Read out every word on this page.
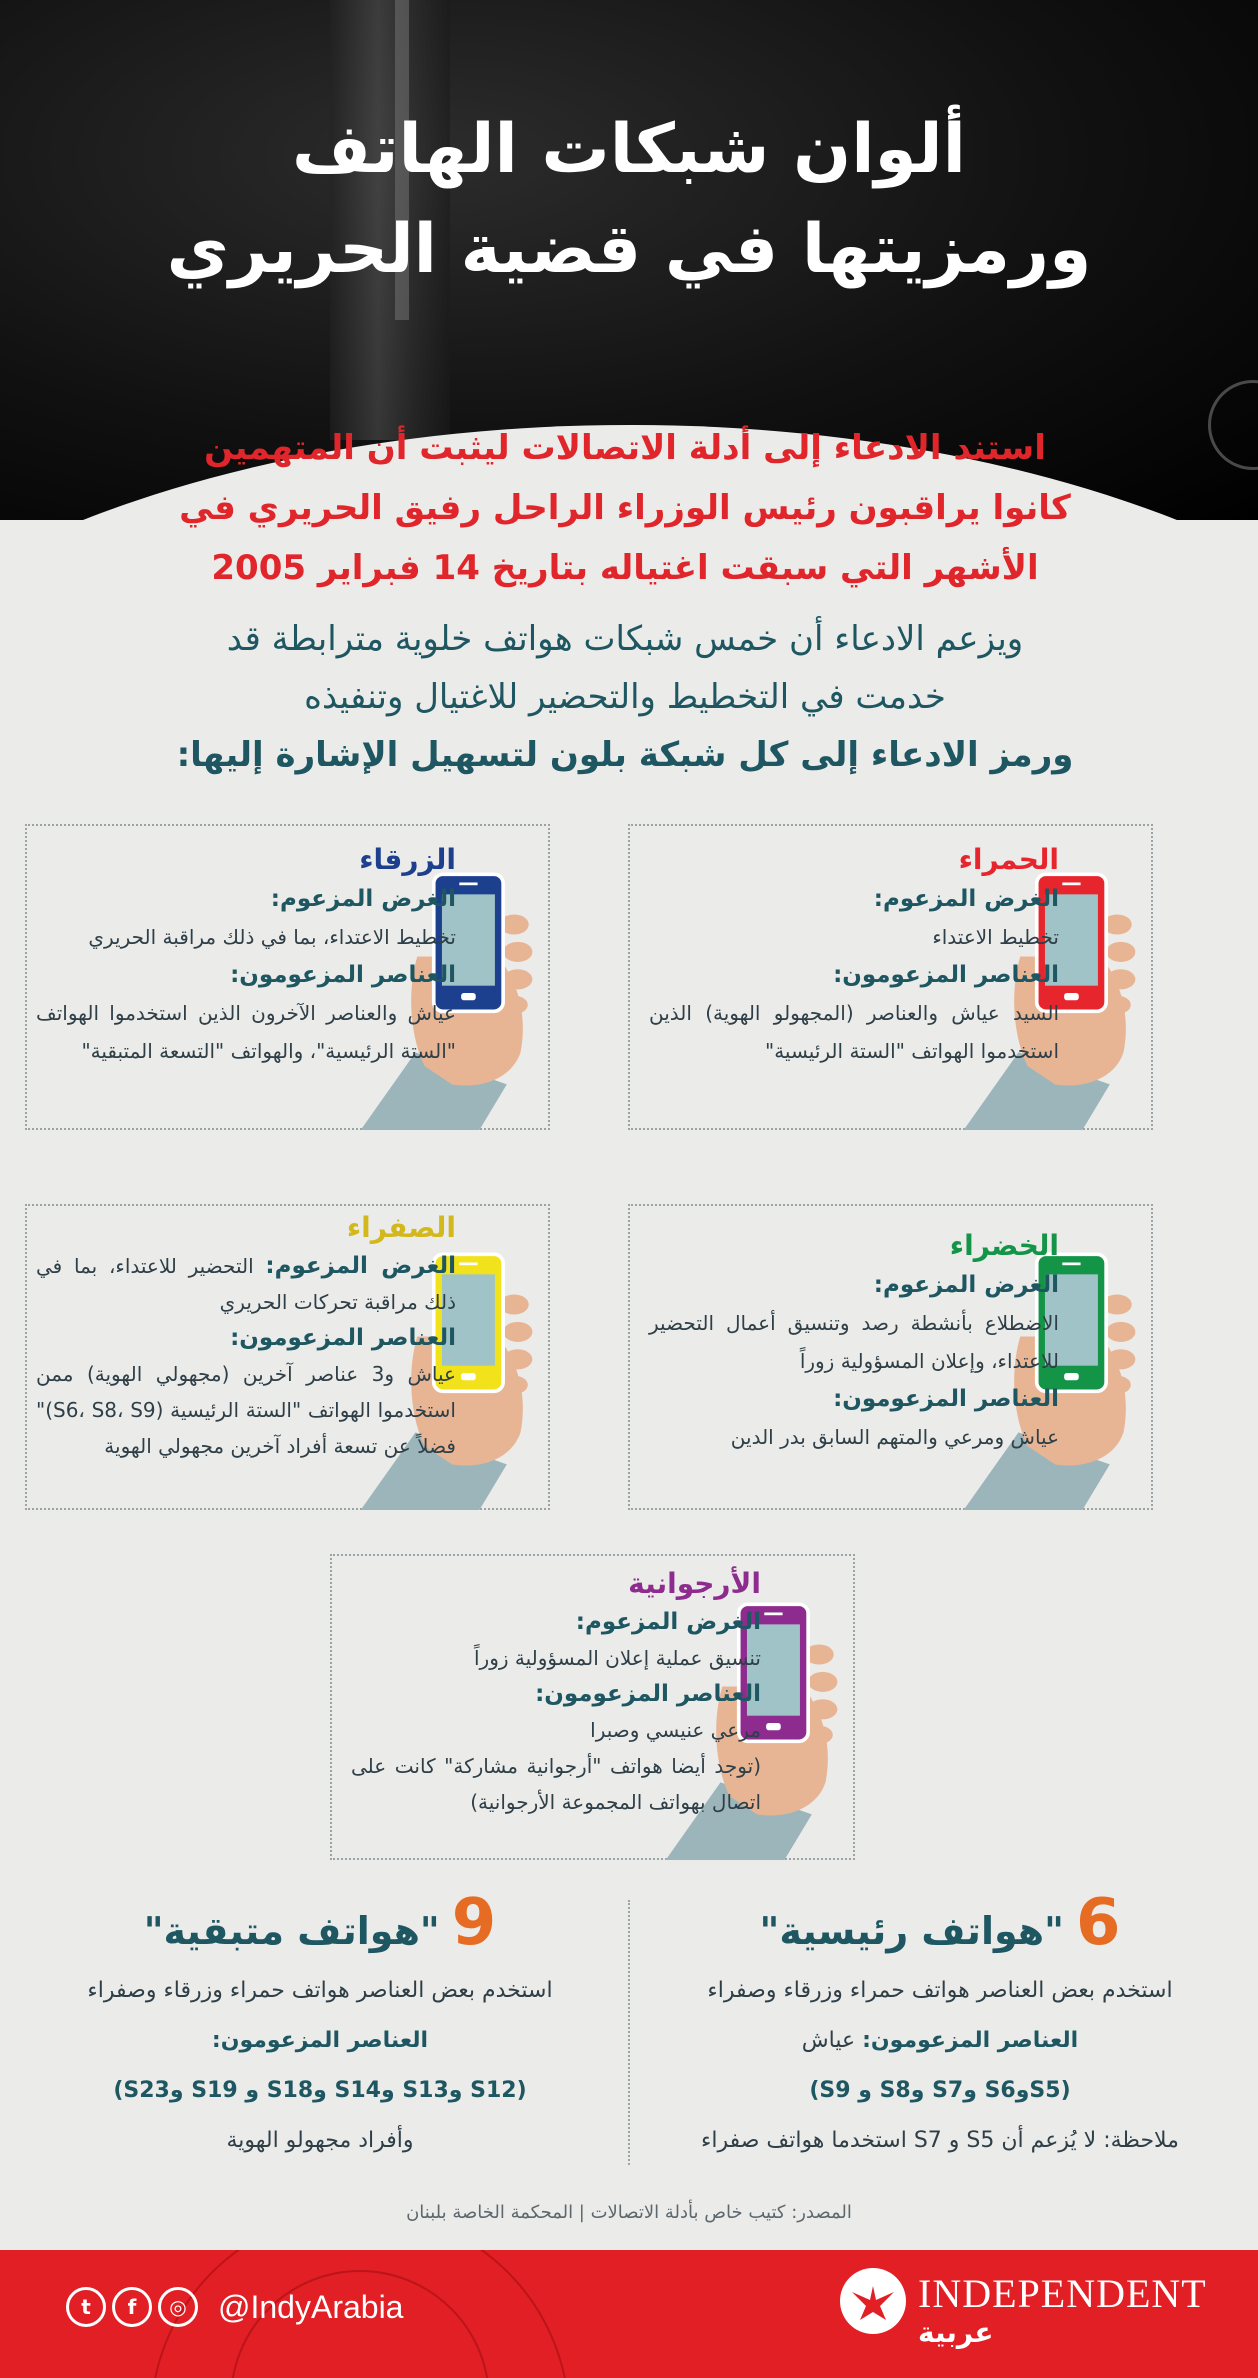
ألوان شبكات الهاتف
ورمزيتها في قضية الحريري
استند الادعاء إلى أدلة الاتصالات ليثبت أن المتهمين
كانوا يراقبون رئيس الوزراء الراحل رفيق الحريري في
الأشهر التي سبقت اغتياله بتاريخ 14 فبراير 2005
ويزعم الادعاء أن خمس شبكات هواتف خلوية مترابطة قد
خدمت في التخطيط والتحضير للاغتيال وتنفيذه
ورمز الادعاء إلى كل شبكة بلون لتسهيل الإشارة إليها:
الحمراء
الغرض المزعوم:
تخطيط الاعتداء
العناصر المزعومون:
السيد عياش والعناصر (المجهولو الهوية) الذين استخدموا الهواتف "الستة الرئيسية"
الزرقاء
الغرض المزعوم:
تخطيط الاعتداء، بما في ذلك مراقبة الحريري
العناصر المزعومون:
عياش والعناصر الآخرون الذين استخدموا الهواتف "الستة الرئيسية"، والهواتف "التسعة المتبقية"
الخضراء
الغرض المزعوم:
الاضطلاع بأنشطة رصد وتنسيق أعمال التحضير للاعتداء، وإعلان المسؤولية زوراً
العناصر المزعومون:
عياش ومرعي والمتهم السابق بدر الدين
الصفراء
الغرض المزعوم: التحضير للاعتداء، بما في ذلك مراقبة تحركات الحريري
العناصر المزعومون:
عياش و3 عناصر آخرين (مجهولي الهوية) ممن استخدموا الهواتف "الستة الرئيسية (S6، S8، S9)" فضلاً عن تسعة أفراد آخرين مجهولي الهوية
الأرجوانية
الغرض المزعوم:
تنسيق عملية إعلان المسؤولية زوراً
العناصر المزعومون:
مرعي عنيسي وصبرا
(توجد أيضا هواتف "أرجوانية مشاركة" كانت على اتصال بهواتف المجموعة الأرجوانية)
6"هواتف رئيسية"
استخدم بعض العناصر هواتف حمراء وزرقاء وصفراء
العناصر المزعومون: عياش
(S5وS6 وS7 وS8 و S9)
ملاحظة: لا يُزعم أن S5 و S7 استخدما هواتف صفراء
9"هواتف متبقية"
استخدم بعض العناصر هواتف حمراء وزرقاء وصفراء
العناصر المزعومون:
(S12 وS13 وS14 وS18 و S19 وS23)
وأفراد مجهولو الهوية
المصدر: كتيب خاص بأدلة الاتصالات | المحكمة الخاصة بلبنان
t	f	◎ @IndyArabia	INDEPENDENT
عربية
